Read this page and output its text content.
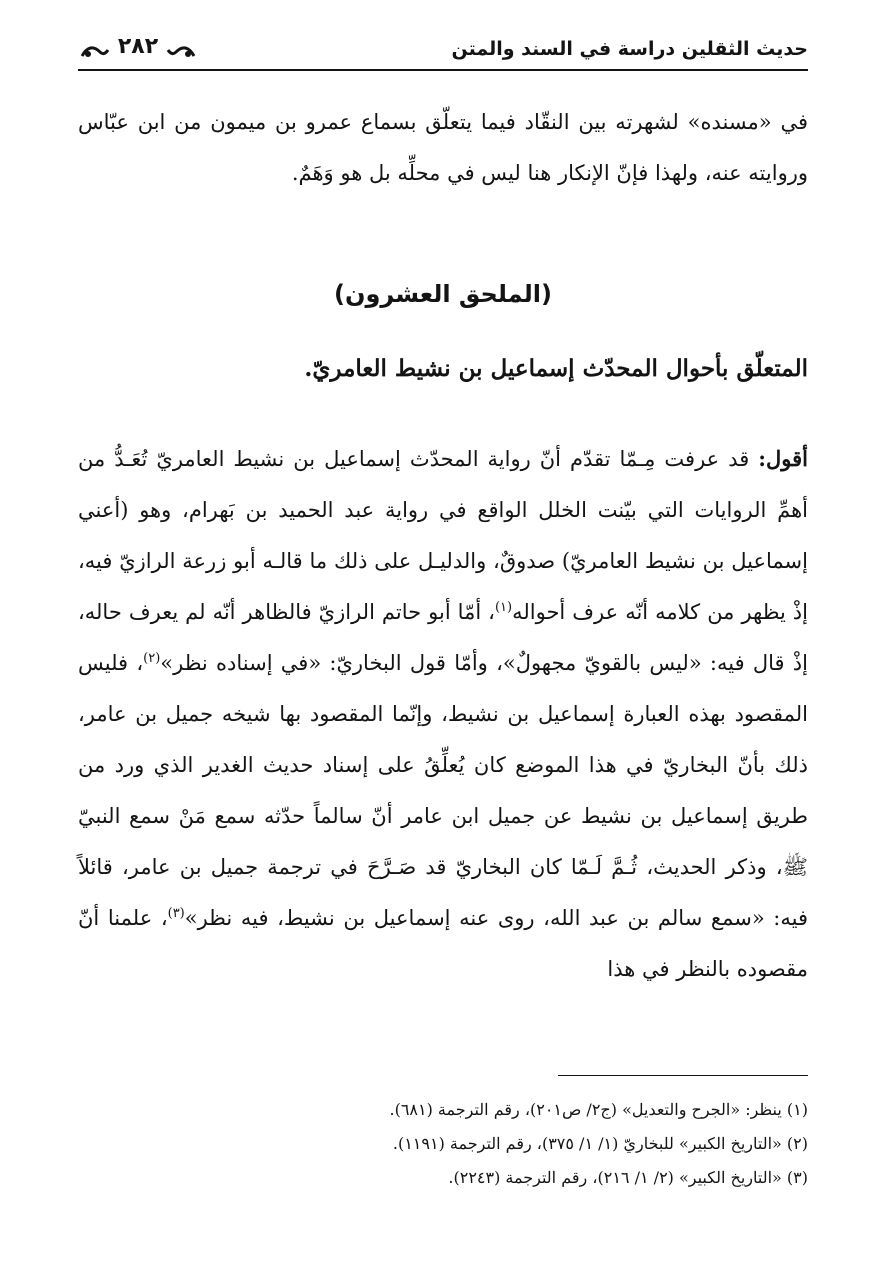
حديث الثقلين دراسة في السند والمتن
٢٨٢

في «مسنده» لشهرته بين النقّاد فيما يتعلّق بسماع عمرو بن ميمون من ابن عبّاس وروايته عنه، ولهذا فإنّ الإنكار هنا ليس في محلِّه بل هو وَهَمٌ.

(الملحق العشرون)
المتعلّق بأحوال المحدّث إسماعيل بن نشيط العامريّ.

أقول: قد عرفت مِـمّا تقدّم أنّ رواية المحدّث إسماعيل بن نشيط العامريّ تُعَـدُّ من أهمِّ الروايات التي بيّنت الخلل الواقع في رواية عبد الحميد بن بَهرام، وهو (أعني إسماعيل بن نشيط العامريّ) صدوقٌ، والدليـل على ذلك ما قالـه أبو زرعة الرازيّ فيه، إذْ يظهر من كلامه أنّه عرف أحواله$^{(١)}$، أمّا أبو حاتم الرازيّ فالظاهر أنّه لم يعرف حاله، إذْ قال فيه: «ليس بالقويّ مجهولٌ»، وأمّا قول البخاريّ: «في إسناده نظر»$^{(٢)}$، فليس المقصود بهذه العبارة إسماعيل بن نشيط، وإنّما المقصود بها شيخه جميل بن عامر، ذلك بأنّ البخاريّ في هذا الموضع كان يُعلِّقُ على إسناد حديث الغدير الذي ورد من طريق إسماعيل بن نشيط عن جميل ابن عامر أنّ سالماً حدّثه سمع مَنْ سمع النبيّ ﷺ، وذكر الحديث، ثُـمَّ لَـمّا كان البخاريّ قد صَـرَّحَ في ترجمة جميل بن عامر، قائلاً فيه: «سمع سالم بن عبد الله، روى عنه إسماعيل بن نشيط، فيه نظر»$^{(٣)}$، علمنا أنّ مقصوده بالنظر في هذا

(١) ينظر: «الجرح والتعديل» (ج٢/ ص٢٠١)، رقم الترجمة (٦٨١).
(٢) «التاريخ الكبير» للبخاريّ (١/ ١/ ٣٧٥)، رقم الترجمة (١١٩١).
(٣) «التاريخ الكبير» (٢/ ١/ ٢١٦)، رقم الترجمة (٢٢٤٣).
